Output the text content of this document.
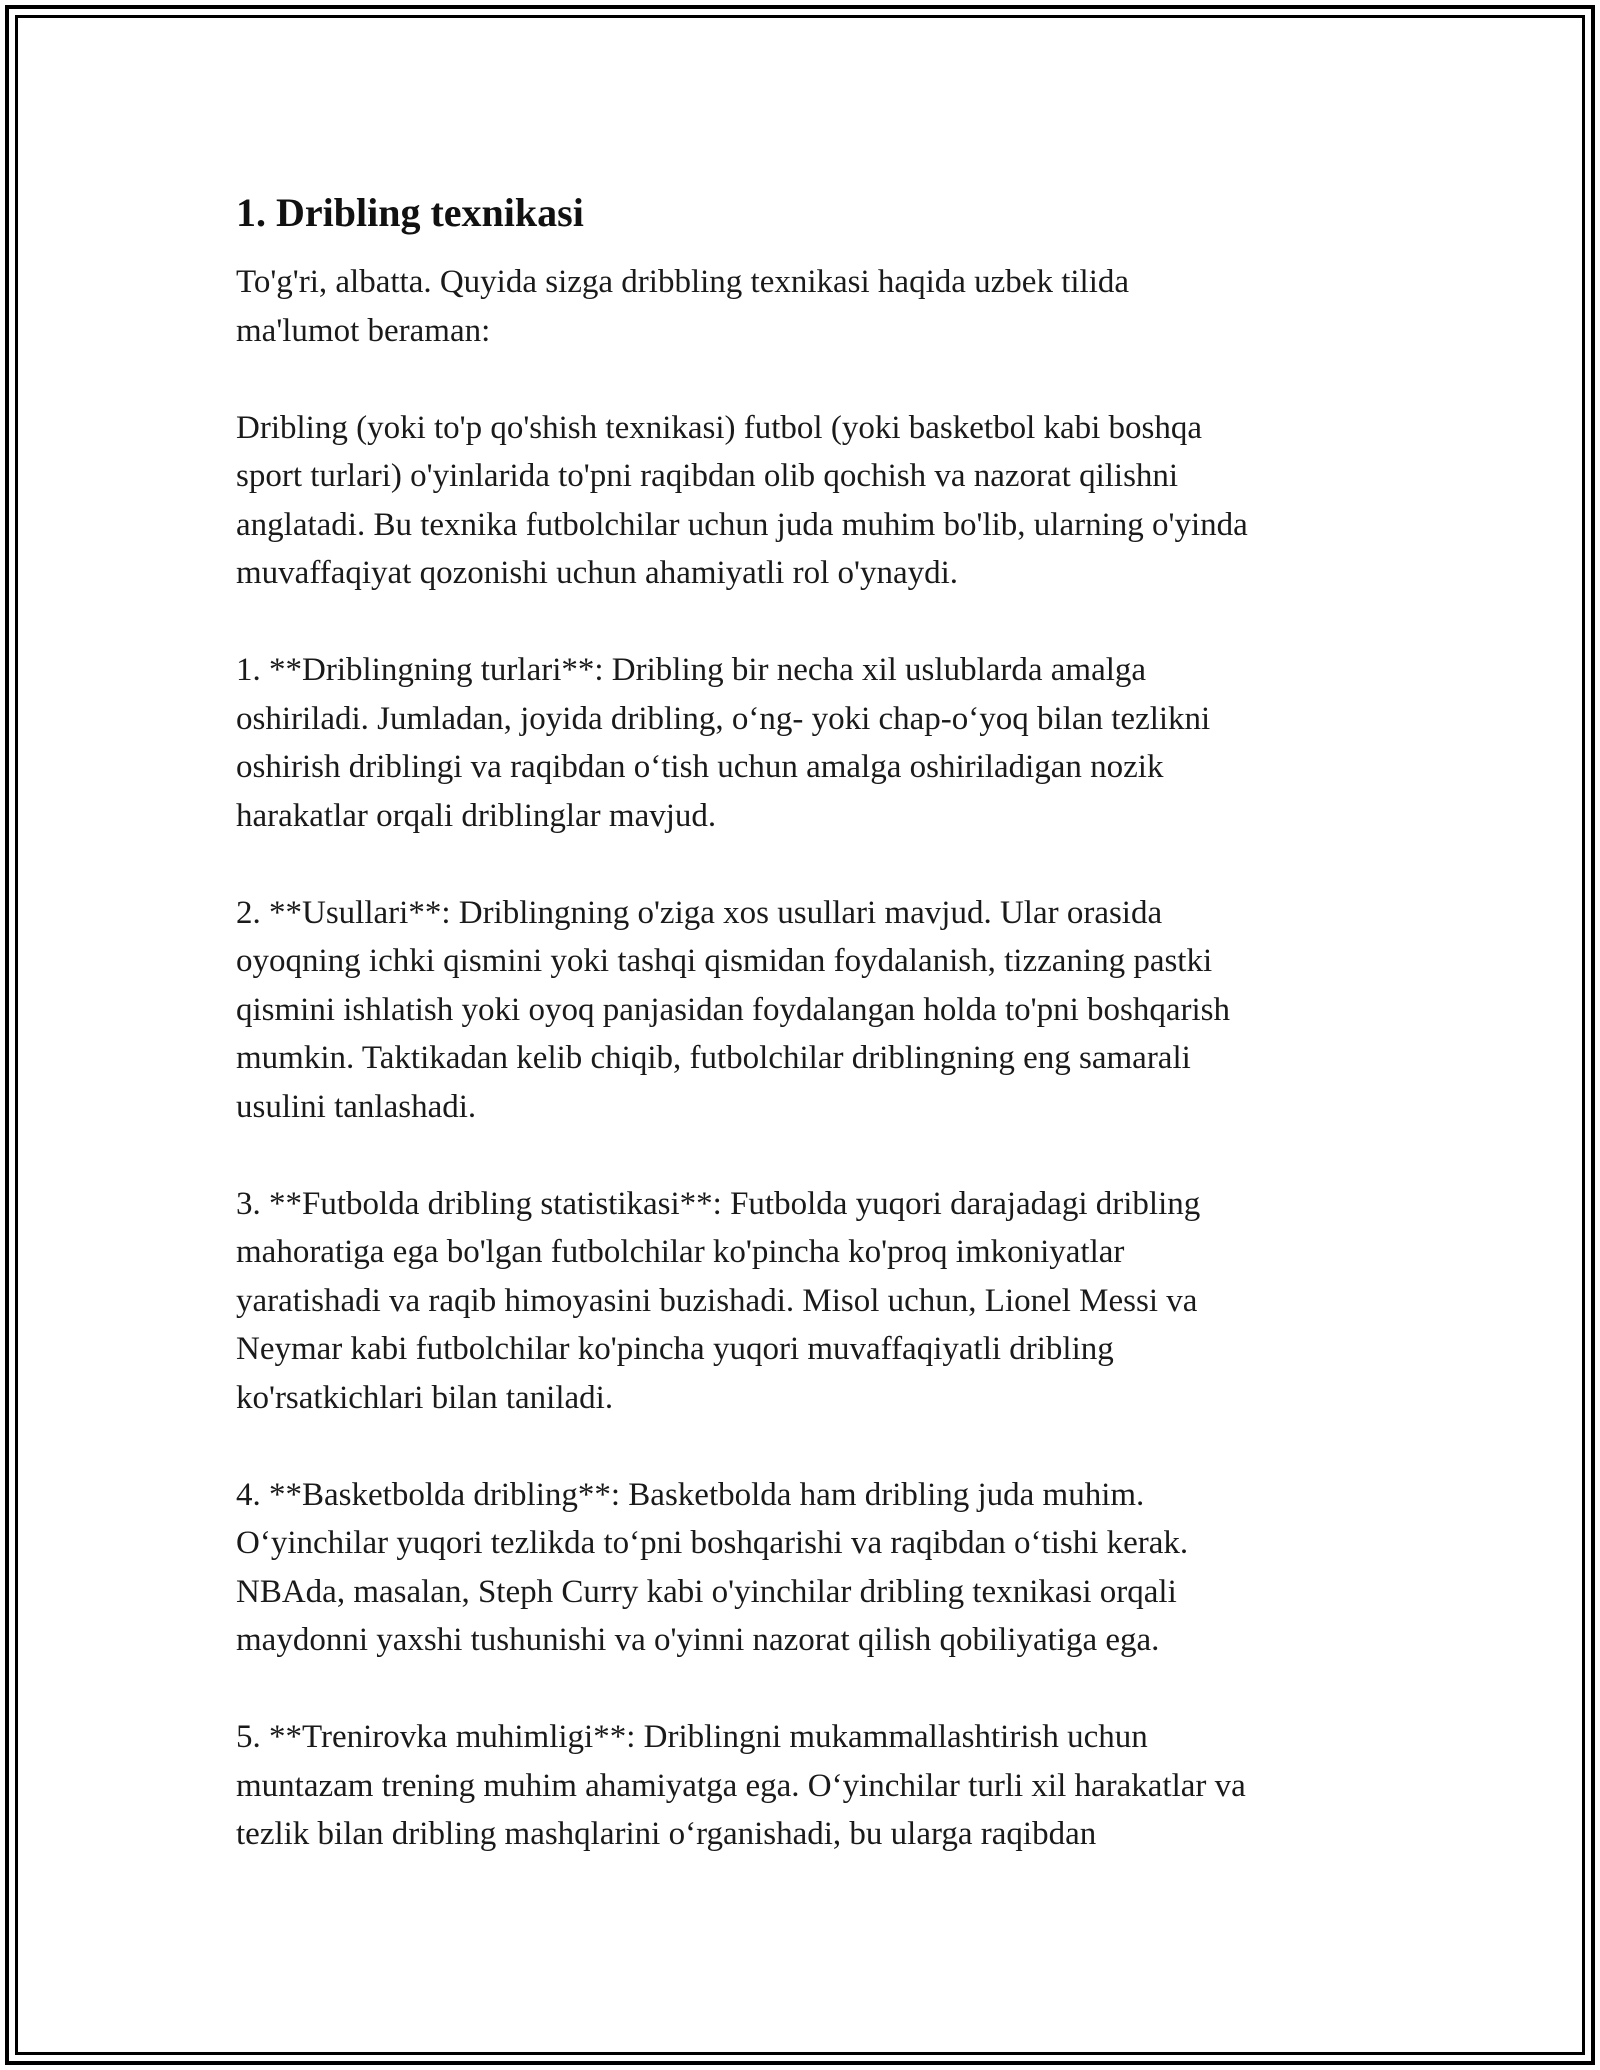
1. Dribling texnikasi

To'g'ri, albatta. Quyida sizga dribbling texnikasi haqida uzbek tilida
ma'lumot beraman:

Dribling (yoki to'p qo'shish texnikasi) futbol (yoki basketbol kabi boshqa
sport turlari) o'yinlarida to'pni raqibdan olib qochish va nazorat qilishni
anglatadi. Bu texnika futbolchilar uchun juda muhim bo'lib, ularning o'yinda
muvaffaqiyat qozonishi uchun ahamiyatli rol o'ynaydi.

1. **Driblingning turlari**: Dribling bir necha xil uslublarda amalga
oshiriladi. Jumladan, joyida dribling, o‘ng- yoki chap-o‘yoq bilan tezlikni
oshirish driblingi va raqibdan o‘tish uchun amalga oshiriladigan nozik
harakatlar orqali driblinglar mavjud.

2. **Usullari**: Driblingning o'ziga xos usullari mavjud. Ular orasida
oyoqning ichki qismini yoki tashqi qismidan foydalanish, tizzaning pastki
qismini ishlatish yoki oyoq panjasidan foydalangan holda to'pni boshqarish
mumkin. Taktikadan kelib chiqib, futbolchilar driblingning eng samarali
usulini tanlashadi.

3. **Futbolda dribling statistikasi**: Futbolda yuqori darajadagi dribling
mahoratiga ega bo'lgan futbolchilar ko'pincha ko'proq imkoniyatlar
yaratishadi va raqib himoyasini buzishadi. Misol uchun, Lionel Messi va
Neymar kabi futbolchilar ko'pincha yuqori muvaffaqiyatli dribling
ko'rsatkichlari bilan taniladi.

4. **Basketbolda dribling**: Basketbolda ham dribling juda muhim.
O‘yinchilar yuqori tezlikda to‘pni boshqarishi va raqibdan o‘tishi kerak.
NBAda, masalan, Steph Curry kabi o'yinchilar dribling texnikasi orqali
maydonni yaxshi tushunishi va o'yinni nazorat qilish qobiliyatiga ega.

5. **Trenirovka muhimligi**: Driblingni mukammallashtirish uchun
muntazam trening muhim ahamiyatga ega. O‘yinchilar turli xil harakatlar va
tezlik bilan dribling mashqlarini o‘rganishadi, bu ularga raqibdan
